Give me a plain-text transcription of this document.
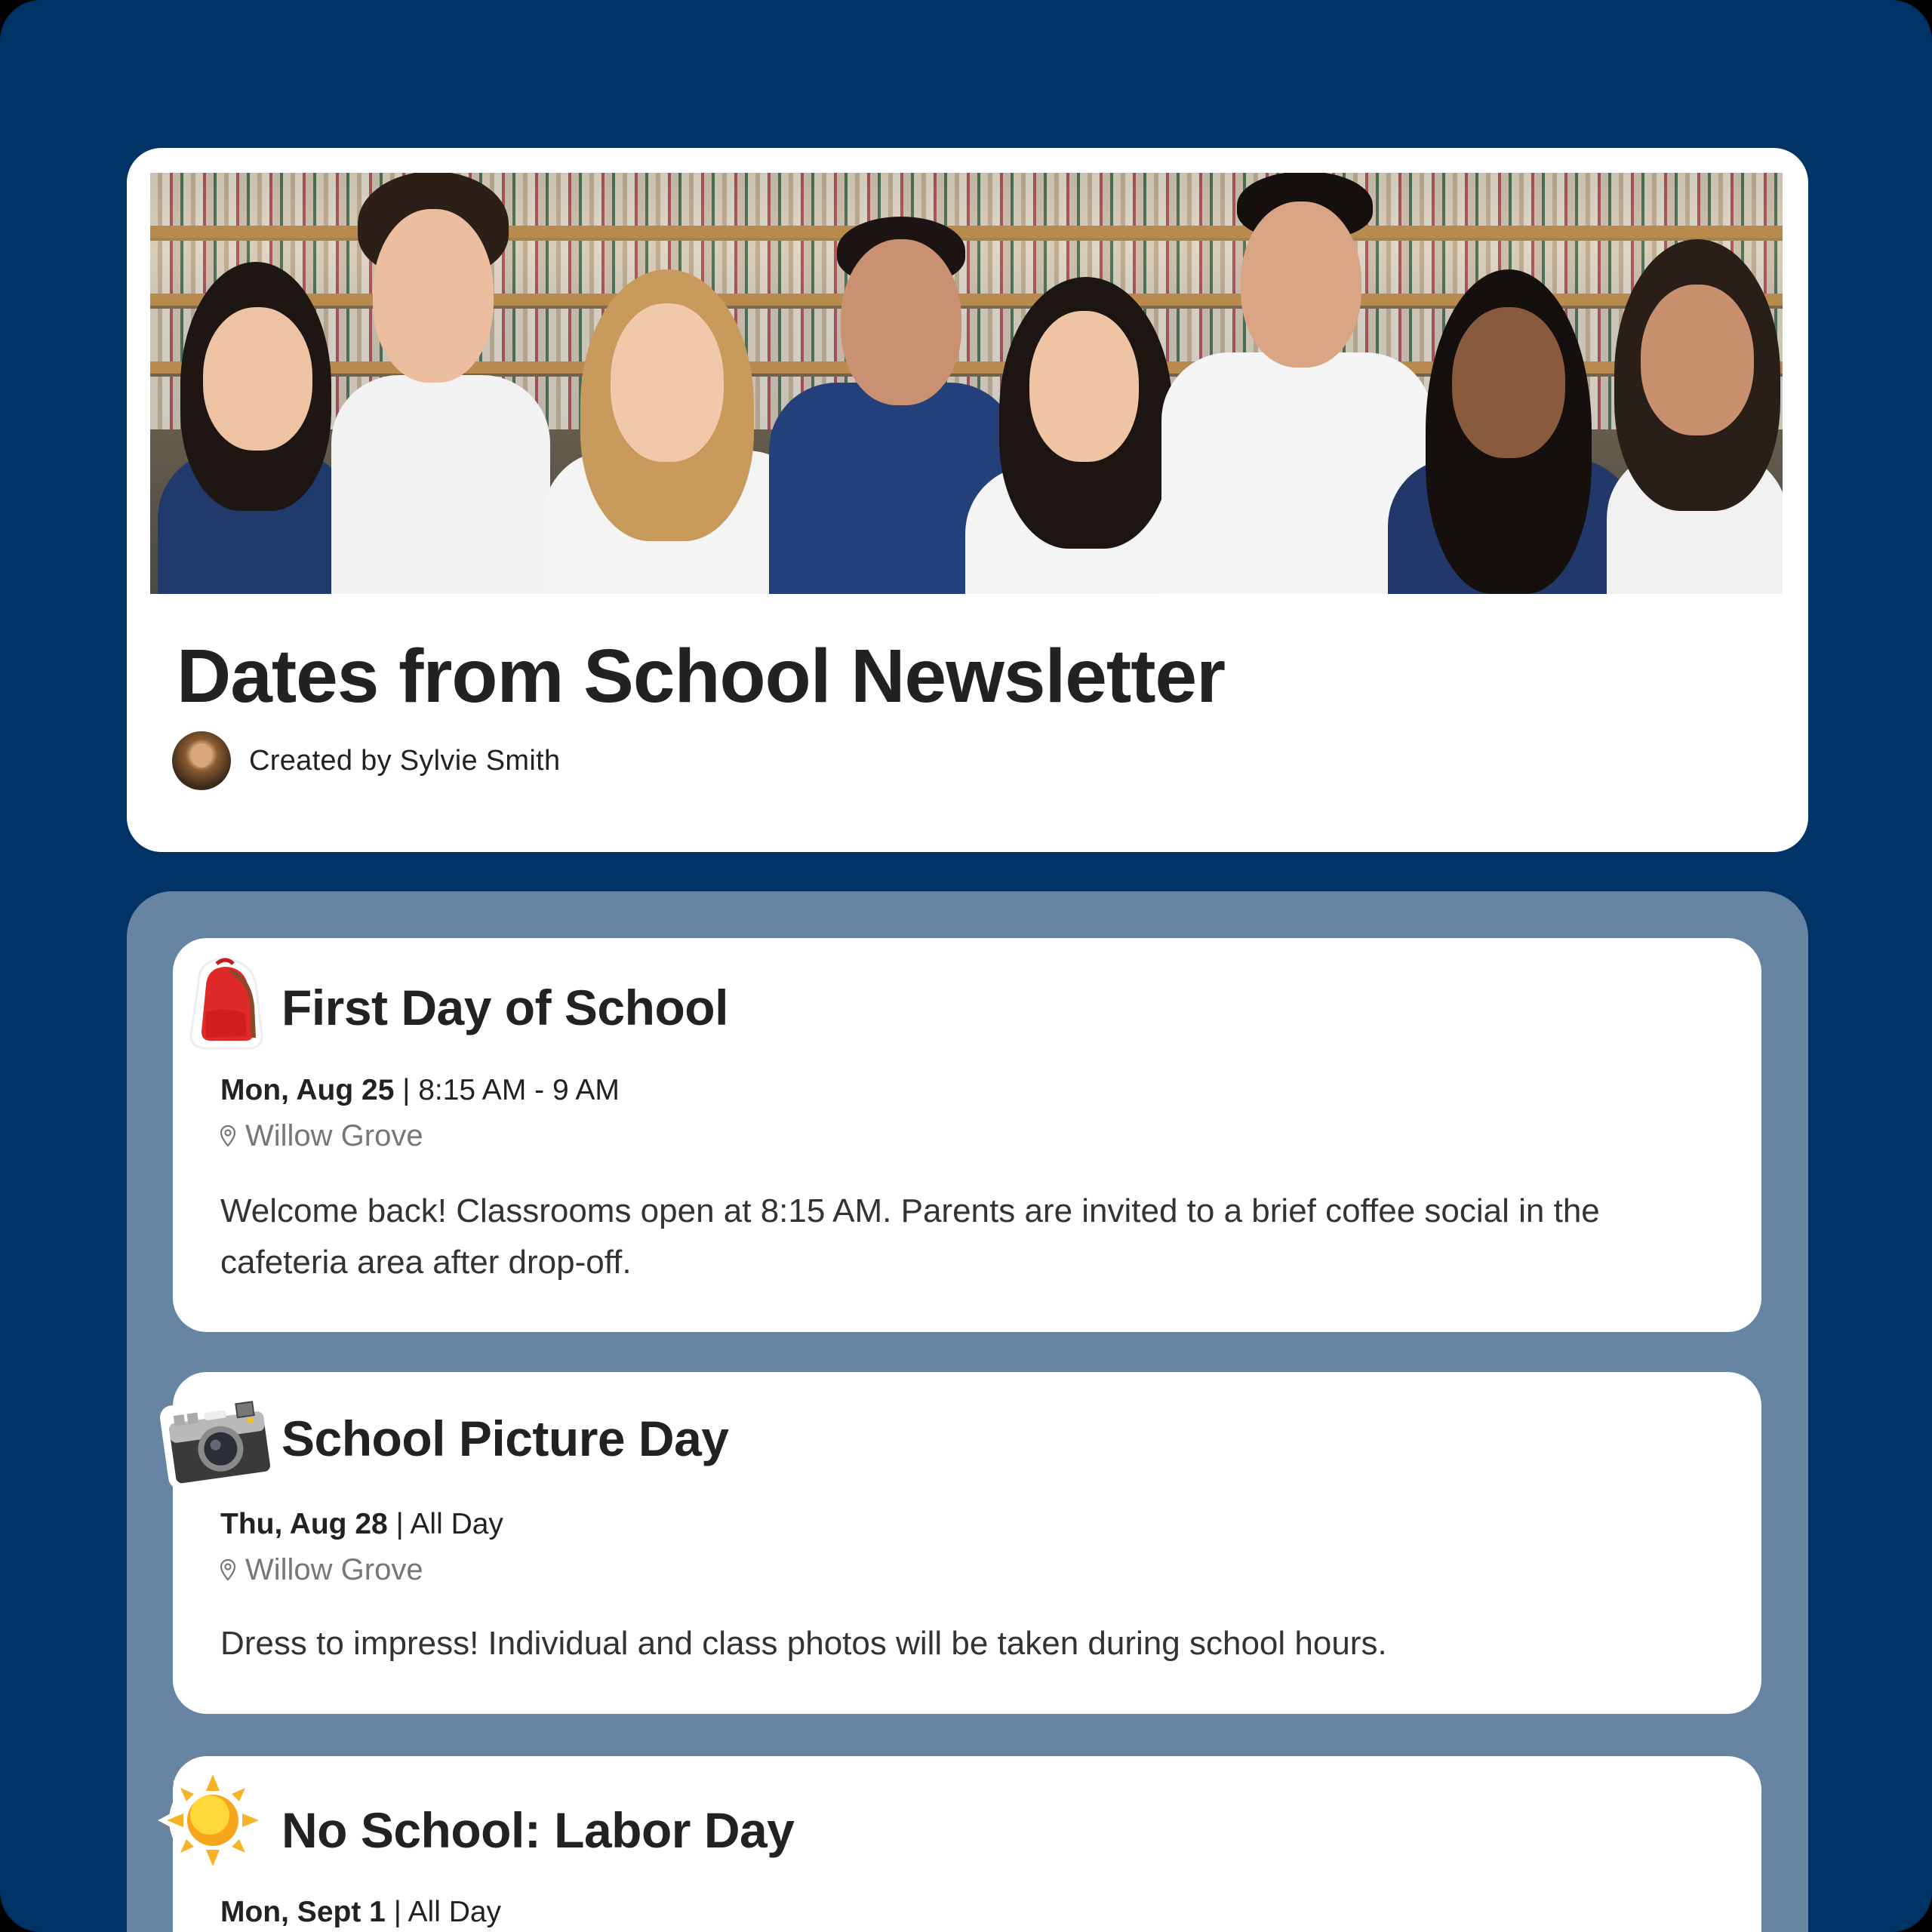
Dates from School Newsletter
Created by Sylvie Smith
First Day of School
Mon, Aug 25 | 8:15 AM - 9 AM
Willow Grove

Welcome back! Classrooms open at 8:15 AM. Parents are invited to a brief coffee social in the cafeteria area after drop-off.

School Picture Day
Thu, Aug 28 | All Day
Willow Grove

Dress to impress! Individual and class photos will be taken during school hours.

No School: Labor Day
Mon, Sept 1 | All Day
